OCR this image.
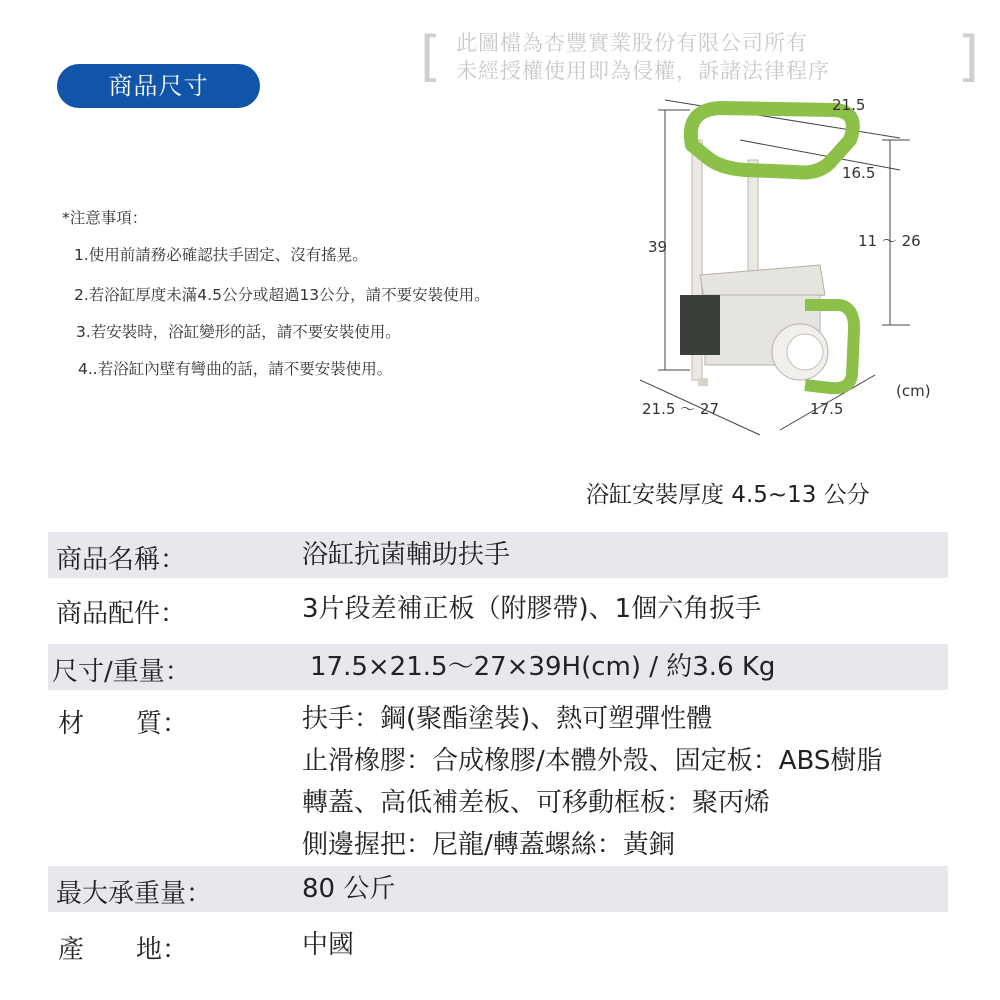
商品尺寸	[ 此圖檔為杏豐實業股份有限公司所有
未經授權使用即為侵權，訴諸法律程序 ]
*注意事項：
1.使用前請務必確認扶手固定、沒有搖晃。
2.若浴缸厚度未滿4.5公分或超過13公分，請不要安裝使用。
3.若安裝時，浴缸變形的話，請不要安裝使用。
4..若浴缸內壁有彎曲的話，請不要安裝使用。
21.5
16.5
39	11 ～ 26
21.5 ～ 27	17.5
(cm)
浴缸安裝厚度 4.5~13 公分
商品名稱：	浴缸抗菌輔助扶手
商品配件：	3片段差補正板（附膠帶)、1個六角扳手
尺寸/重量：	17.5×21.5～27×39H(cm) / 約3.6 Kg
材　　質：	扶手：鋼(聚酯塗裝)、熱可塑彈性體
止滑橡膠：合成橡膠/本體外殼、固定板：ABS樹脂
轉蓋、高低補差板、可移動框板：聚丙烯
側邊握把：尼龍/轉蓋螺絲：黃銅
最大承重量：	80 公斤
產　　地：	中國
